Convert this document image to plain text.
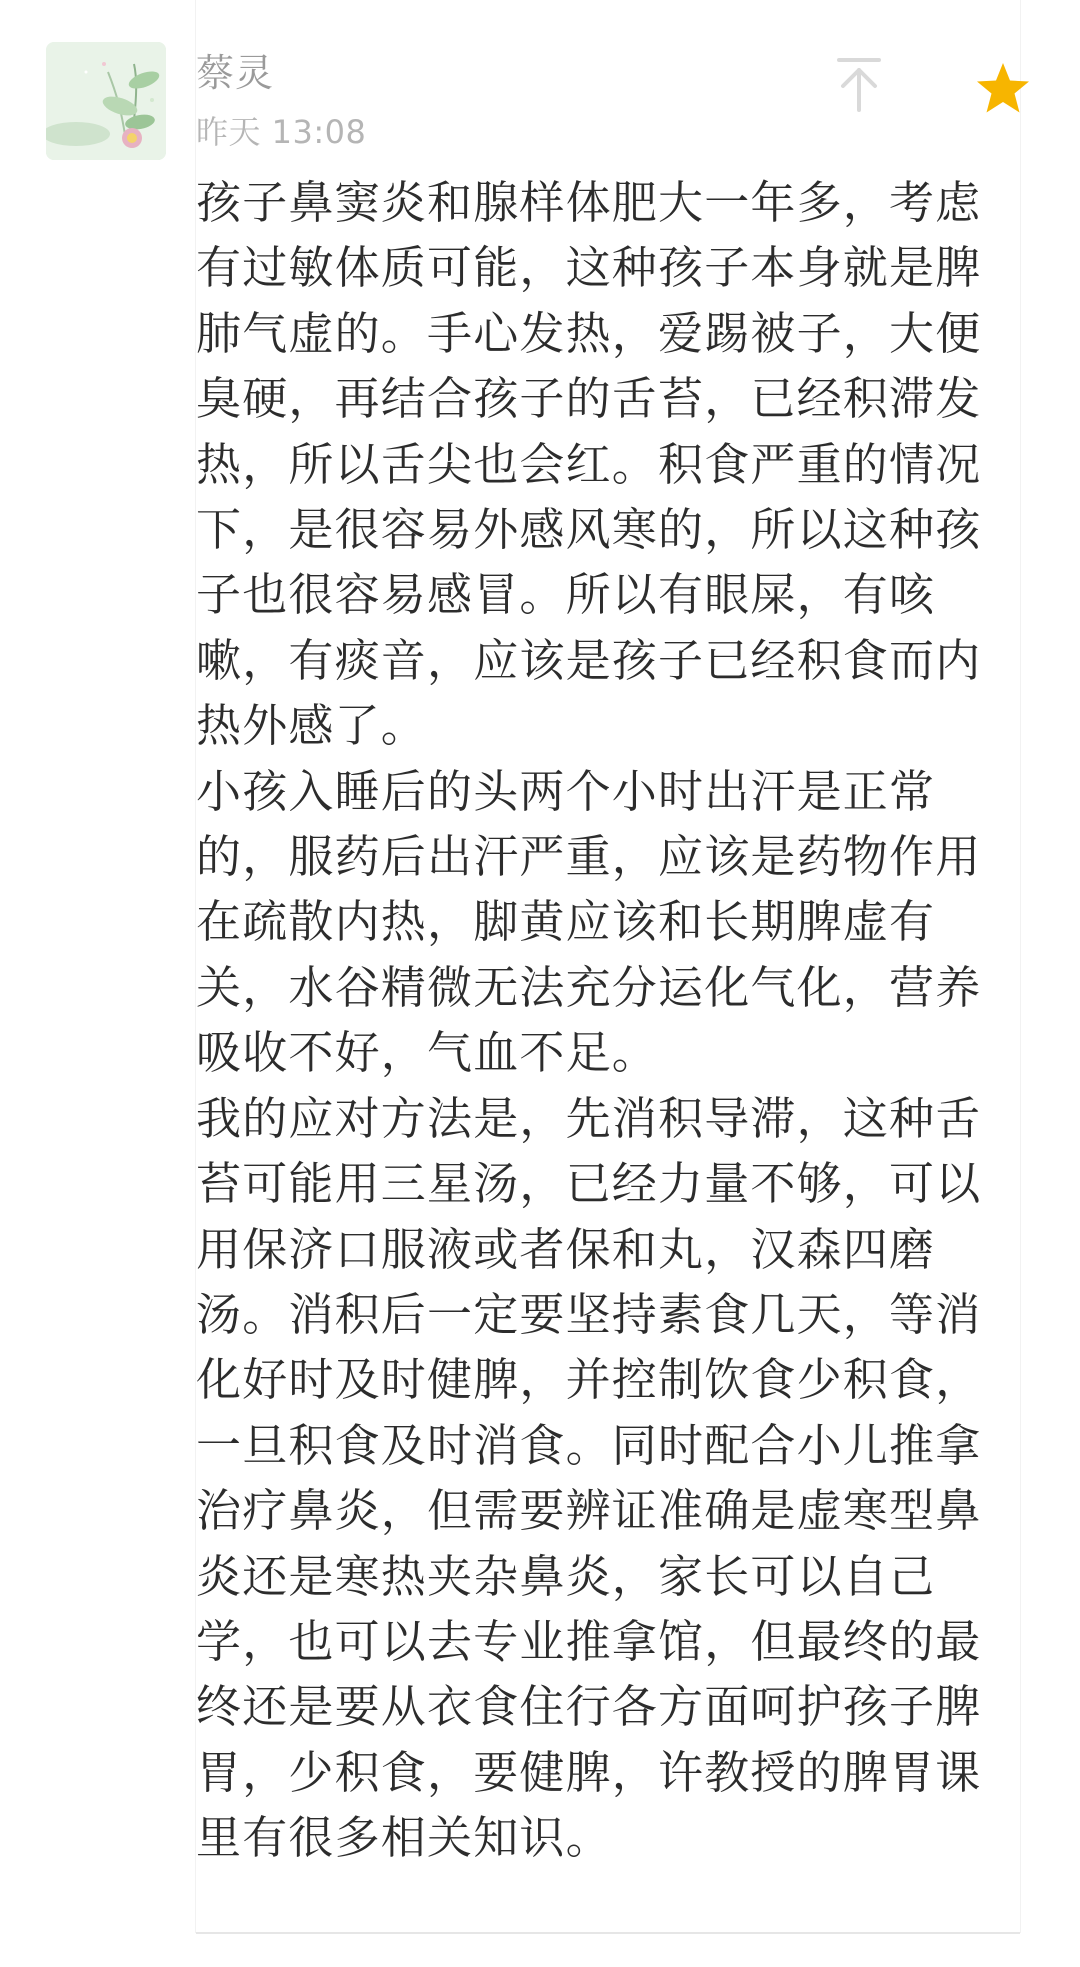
蔡灵
昨天 13:08

孩子鼻窦炎和腺样体肥大一年多，考虑有过敏体质可能，这种孩子本身就是脾肺气虚的。手心发热，爱踢被子，大便臭硬，再结合孩子的舌苔，已经积滞发热，所以舌尖也会红。积食严重的情况下，是很容易外感风寒的，所以这种孩子也很容易感冒。所以有眼屎，有咳嗽，有痰音，应该是孩子已经积食而内热外感了。

小孩入睡后的头两个小时出汗是正常的，服药后出汗严重，应该是药物作用在疏散内热，脚黄应该和长期脾虚有关，水谷精微无法充分运化气化，营养吸收不好，气血不足。

我的应对方法是，先消积导滞，这种舌苔可能用三星汤，已经力量不够，可以用保济口服液或者保和丸，汉森四磨汤。消积后一定要坚持素食几天，等消化好时及时健脾，并控制饮食少积食，一旦积食及时消食。同时配合小儿推拿治疗鼻炎，但需要辨证准确是虚寒型鼻炎还是寒热夹杂鼻炎，家长可以自己学，也可以去专业推拿馆，但最终的最终还是要从衣食住行各方面呵护孩子脾胃，少积食，要健脾，许教授的脾胃课里有很多相关知识。
